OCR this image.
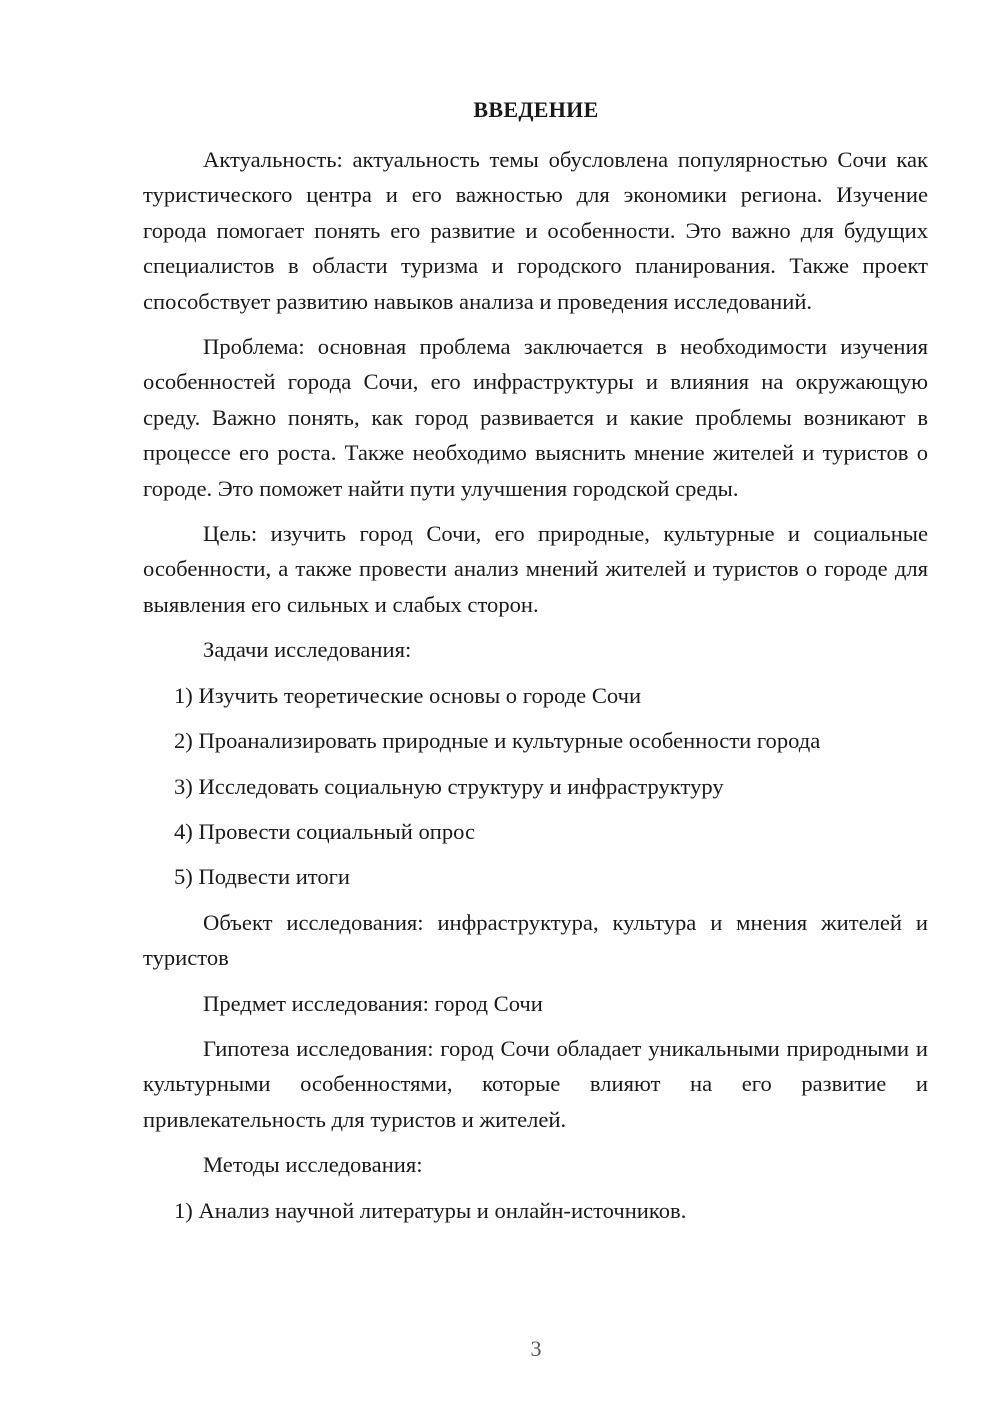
ВВЕДЕНИЕ

Актуальность: актуальность темы обусловлена популярностью Сочи как туристического центра и его важностью для экономики региона. Изучение города помогает понять его развитие и особенности. Это важно для будущих специалистов в области туризма и городского планирования. Также проект способствует развитию навыков анализа и проведения исследований.

Проблема: основная проблема заключается в необходимости изучения особенностей города Сочи, его инфраструктуры и влияния на окружающую среду. Важно понять, как город развивается и какие проблемы возникают в процессе его роста. Также необходимо выяснить мнение жителей и туристов о городе. Это поможет найти пути улучшения городской среды.

Цель: изучить город Сочи, его природные, культурные и социальные особенности, а также провести анализ мнений жителей и туристов о городе для выявления его сильных и слабых сторон.

Задачи исследования:

1) Изучить теоретические основы о городе Сочи
2) Проанализировать природные и культурные особенности города
3) Исследовать социальную структуру и инфраструктуру
4) Провести социальный опрос
5) Подвести итоги

Объект исследования: инфраструктура, культура и мнения жителей и туристов

Предмет исследования: город Сочи

Гипотеза исследования: город Сочи обладает уникальными природными и культурными особенностями, которые влияют на его развитие и привлекательность для туристов и жителей.

Методы исследования:

1) Анализ научной литературы и онлайн-источников.
3
